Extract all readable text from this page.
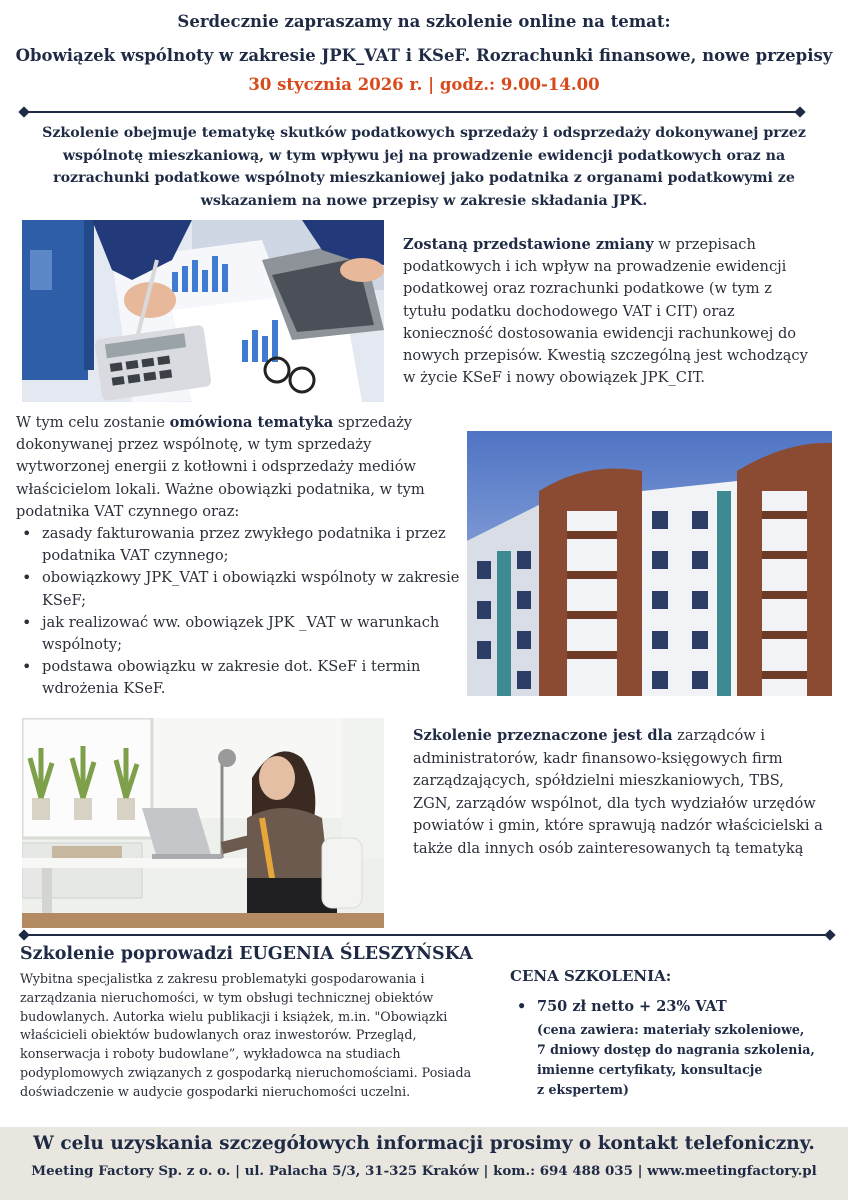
Serdecznie zapraszamy na szkolenie online na temat:
Obowiązek wspólnoty w zakresie JPK_VAT i KSeF. Rozrachunki finansowe, nowe przepisy
30 stycznia 2026 r. | godz.: 9.00-14.00
Szkolenie obejmuje tematykę skutków podatkowych sprzedaży i odsprzedaży dokonywanej przez wspólnotę mieszkaniową, w tym wpływu jej na prowadzenie ewidencji podatkowych oraz na rozrachunki podatkowe wspólnoty mieszkaniowej jako podatnika z organami podatkowymi ze wskazaniem na nowe przepisy w zakresie składania JPK.
Zostaną przedstawione zmiany w przepisach podatkowych i ich wpływ na prowadzenie ewidencji podatkowej oraz rozrachunki podatkowe (w tym z tytułu podatku dochodowego VAT i CIT) oraz konieczność dostosowania ewidencji rachunkowej do nowych przepisów. Kwestią szczególną jest wchodzący w życie KSeF i nowy obowiązek JPK_CIT.
W tym celu zostanie omówiona tematyka sprzedaży dokonywanej przez wspólnotę, w tym sprzedaży wytworzonej energii z kotłowni i odsprzedaży mediów właścicielom lokali. Ważne obowiązki podatnika, w tym podatnika VAT czynnego oraz:
• zasady fakturowania przez zwykłego podatnika i przez podatnika VAT czynnego;
• obowiązkowy JPK_VAT i obowiązki wspólnoty w zakresie KSeF;
• jak realizować ww. obowiązek JPK _VAT w warunkach wspólnoty;
• podstawa obowiązku w zakresie dot. KSeF i termin wdrożenia KSeF.
Szkolenie przeznaczone jest dla zarządców i administratorów, kadr finansowo-księgowych firm zarządzających, spółdzielni mieszkaniowych, TBS, ZGN, zarządów wspólnot, dla tych wydziałów urzędów powiatów i gmin, które sprawują nadzór właścicielski a także dla innych osób zainteresowanych tą tematyką
Szkolenie poprowadzi EUGENIA ŚLESZYŃSKA
Wybitna specjalistka z zakresu problematyki gospodarowania i zarządzania nieruchomości, w tym obsługi technicznej obiektów budowlanych. Autorka wielu publikacji i książek, m.in. "Obowiązki właścicieli obiektów budowlanych oraz inwestorów. Przegląd, konserwacja i roboty budowlane”, wykładowca na studiach podyplomowych związanych z gospodarką nieruchomościami. Posiada doświadczenie w audycie gospodarki nieruchomości uczelni.
CENA SZKOLENIA:
• 750 zł netto + 23% VAT
(cena zawiera: materiały szkoleniowe,
7 dniowy dostęp do nagrania szkolenia,
imienne certyfikaty, konsultacje
z ekspertem)
W celu uzyskania szczegółowych informacji prosimy o kontakt telefoniczny.
Meeting Factory Sp. z o. o. | ul. Palacha 5/3, 31-325 Kraków | kom.: 694 488 035 | www.meetingfactory.pl
